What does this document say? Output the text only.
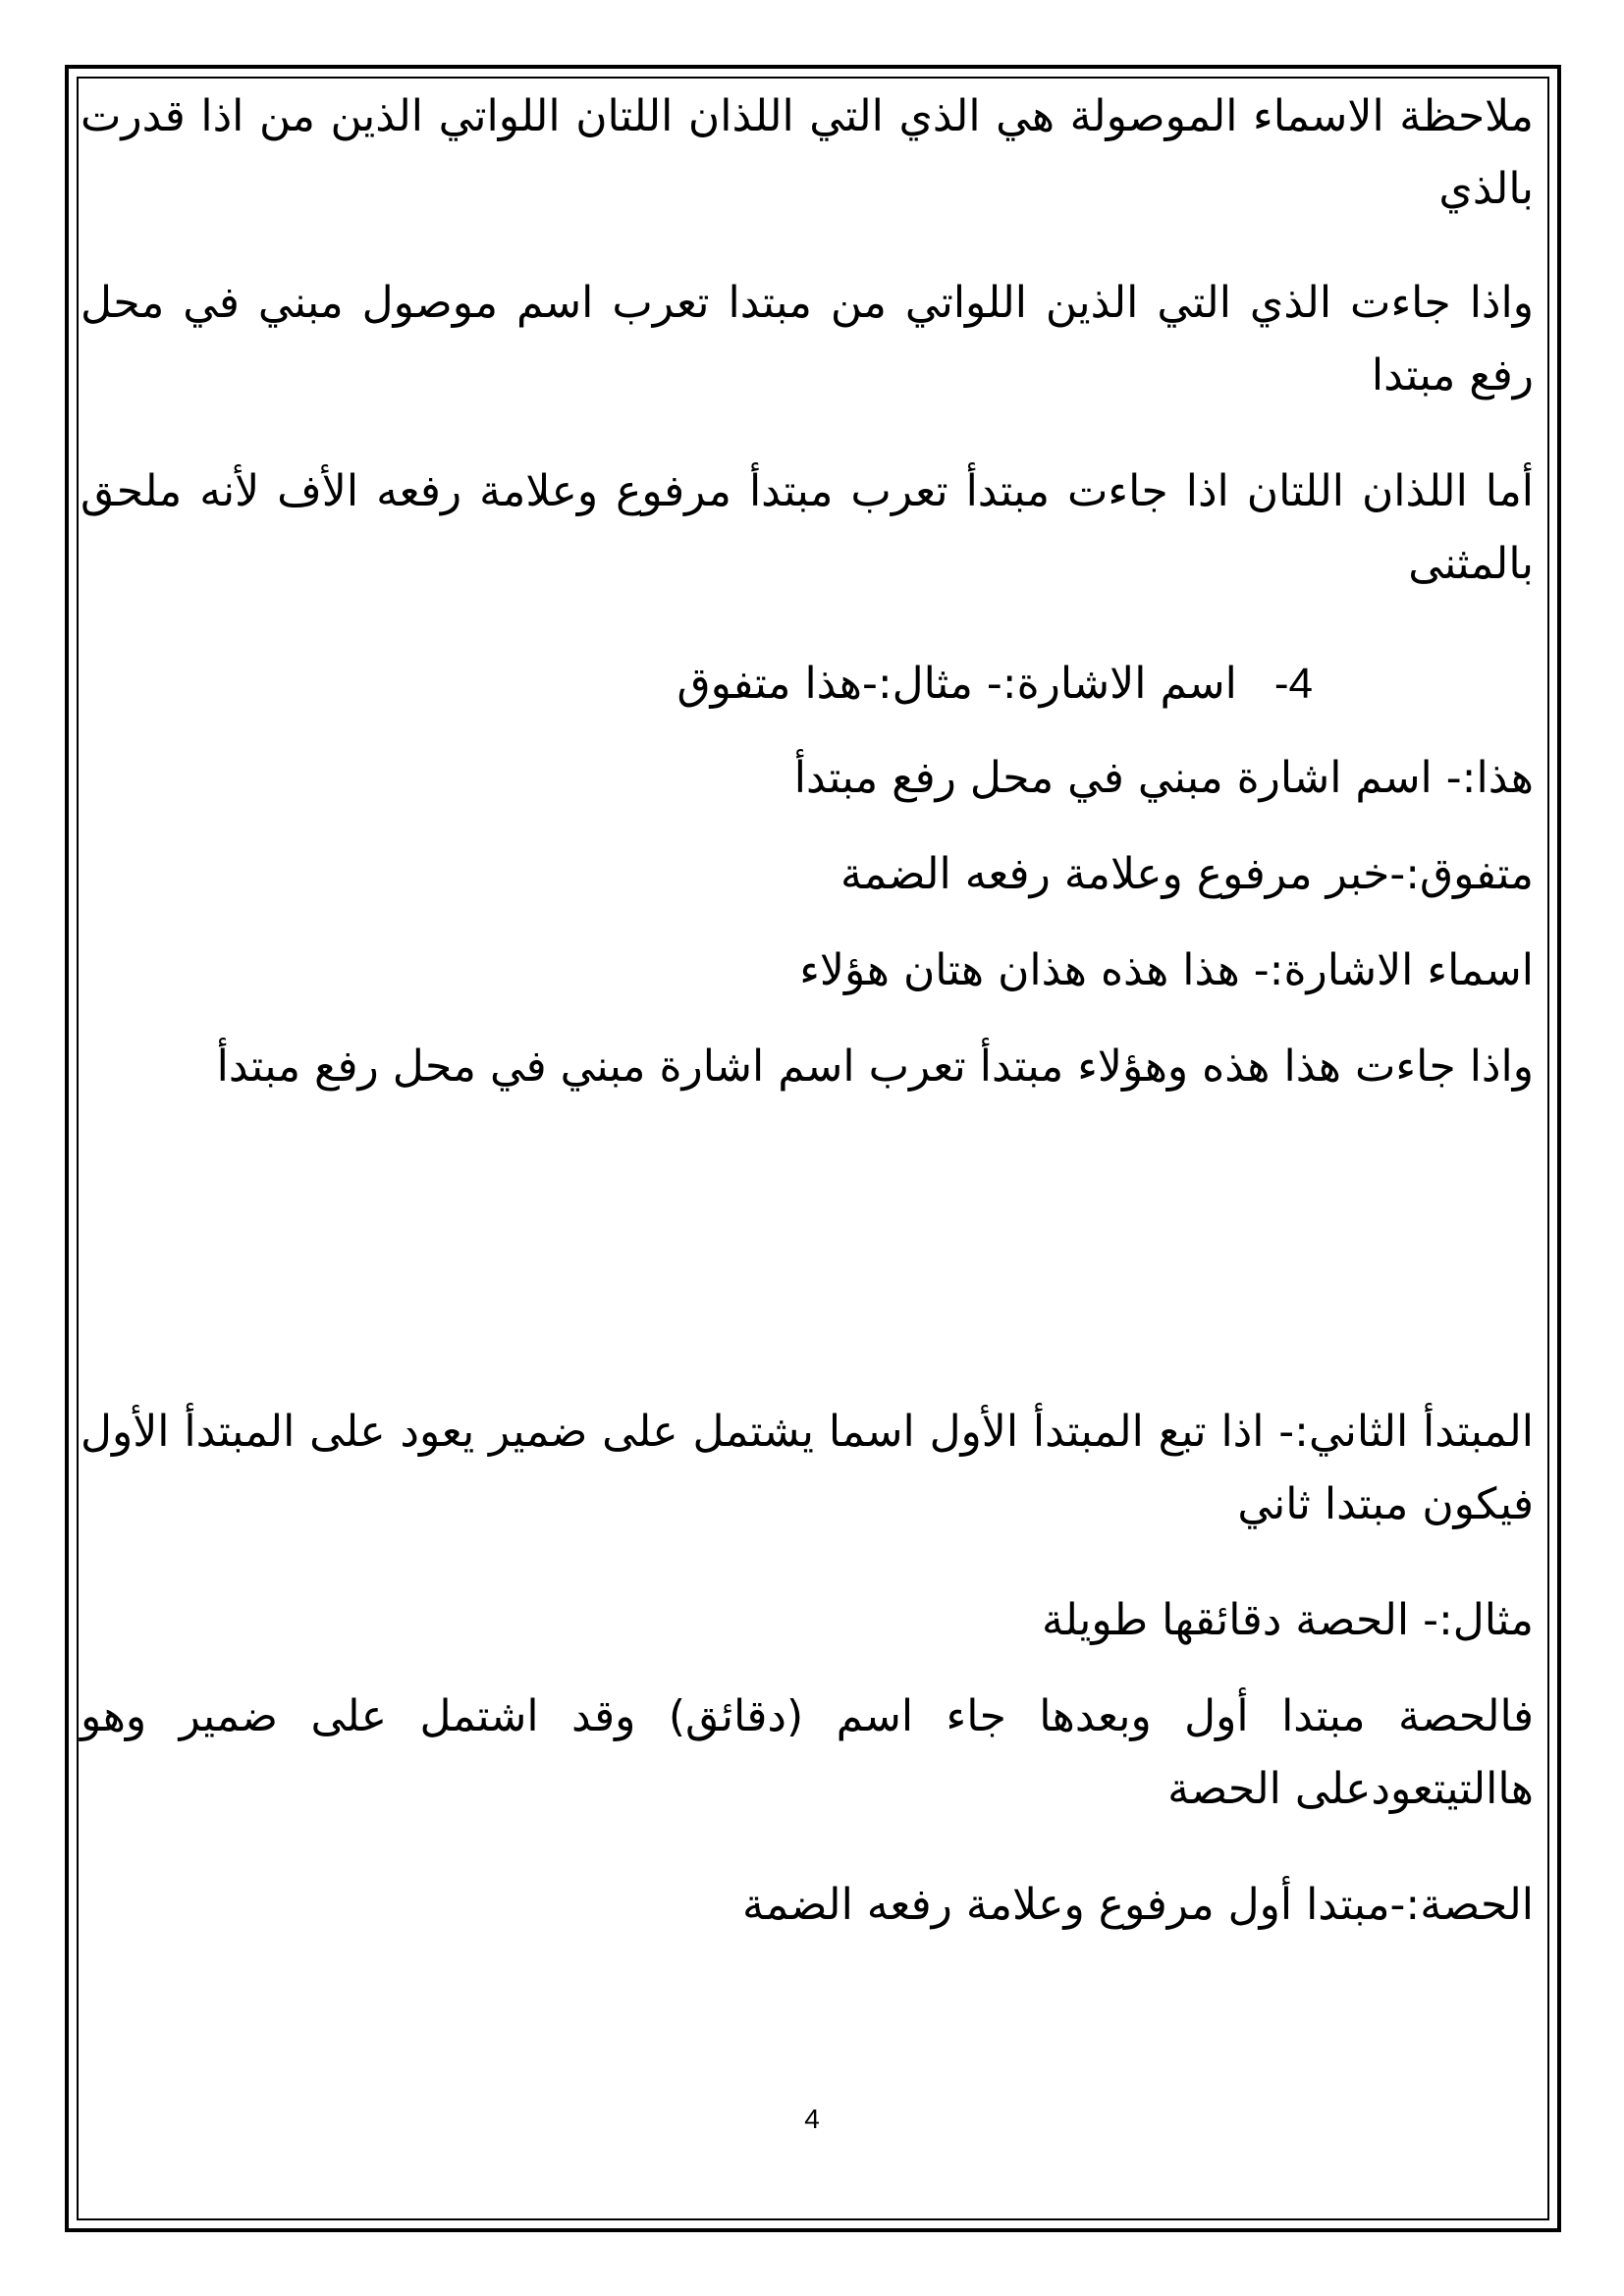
ملاحظة الاسماء الموصولة هي الذي التي اللذان اللتان اللواتي الذين من اذا قدرت بالذي

واذا جاءت الذي التي الذين اللواتي من مبتدا تعرب اسم موصول مبني في محل رفع مبتدا

أما اللذان اللتان اذا جاءت مبتدأ تعرب مبتدأ مرفوع وعلامة رفعه الأف لأنه ملحق بالمثنى

4-اسم الاشارة:- مثال:-هذا متفوق

هذا:- اسم اشارة مبني في محل رفع مبتدأ

متفوق:-خبر مرفوع وعلامة رفعه الضمة

اسماء الاشارة:- هذا هذه هذان هتان هؤلاء

واذا جاءت هذا هذه وهؤلاء مبتدأ تعرب اسم اشارة مبني في محل رفع مبتدأ

المبتدأ الثاني:- اذا تبع المبتدأ الأول اسما يشتمل على ضمير يعود على المبتدأ الأول فيكون مبتدا ثاني

مثال:- الحصة دقائقها طويلة

فالحصة مبتدا أول وبعدها جاء اسم (دقائق) وقد اشتمل على ضمير وهو هاالتيتعودعلى الحصة

الحصة:-مبتدا أول مرفوع وعلامة رفعه الضمة

4
